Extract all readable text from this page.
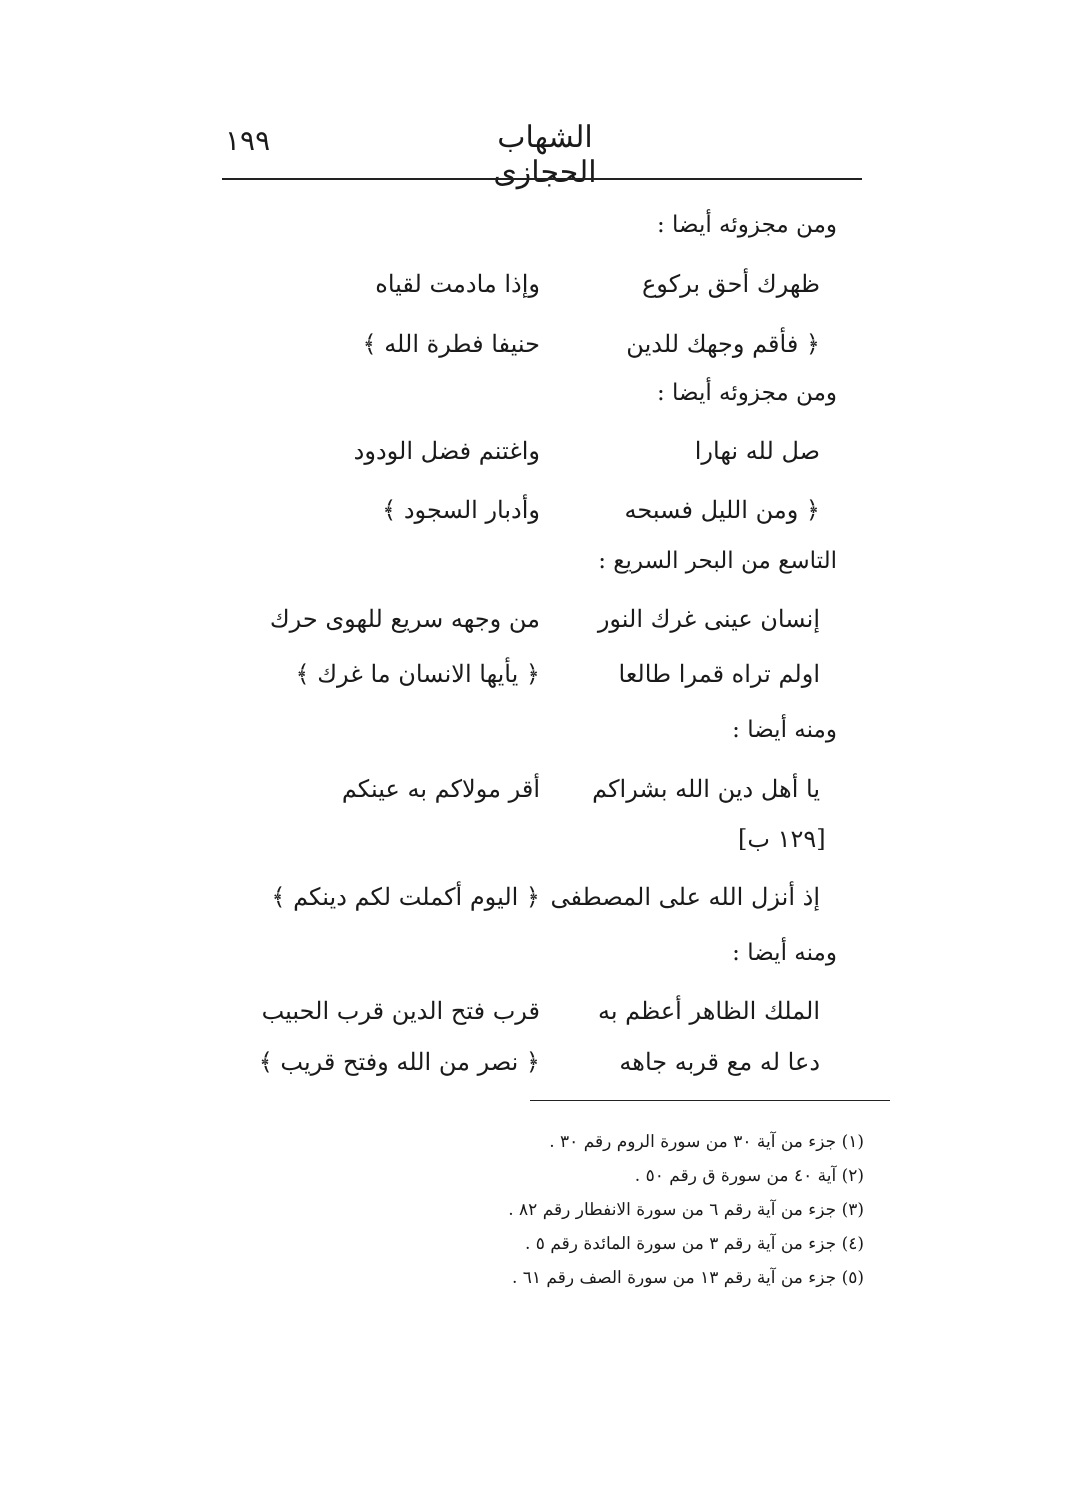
الشهاب الحجازى
١٩٩
ومن مجزوئه أيضا :
ظهرك أحق بركوع
وإذا مادمت لقياه
﴿ فأقم وجهك للدين
حنيفا فطرة الله ﴾
ومن مجزوئه أيضا :
صل لله نهارا
واغتنم فضل الودود
﴿ ومن الليل فسبحه
وأدبار السجود ﴾
التاسع من البحر السريع :
إنسان عينى غرك النور
من وجهه سريع للهوى حرك
اولم تراه قمرا طالعا
﴿ يأيها الانسان ما غرك ﴾
ومنه أيضا :
يا أهل دين الله بشراكم
أقر مولاكم به عينكم
[١٢٩ ب]
إذ أنزل الله على المصطفى
﴿ اليوم أكملت لكم دينكم ﴾
ومنه أيضا :
الملك الظاهر أعظم به
قرب فتح الدين قرب الحبيب
دعا له مع قربه جاهه
﴿ نصر من الله وفتح قريب ﴾
(١) جزء من آية ٣٠ من سورة الروم رقم ٣٠ .
(٢) آية ٤٠ من سورة ق رقم ٥٠ .
(٣) جزء من آية رقم ٦ من سورة الانفطار رقم ٨٢ .
(٤) جزء من آية رقم ٣ من سورة المائدة رقم ٥ .
(٥) جزء من آية رقم ١٣ من سورة الصف رقم ٦١ .
